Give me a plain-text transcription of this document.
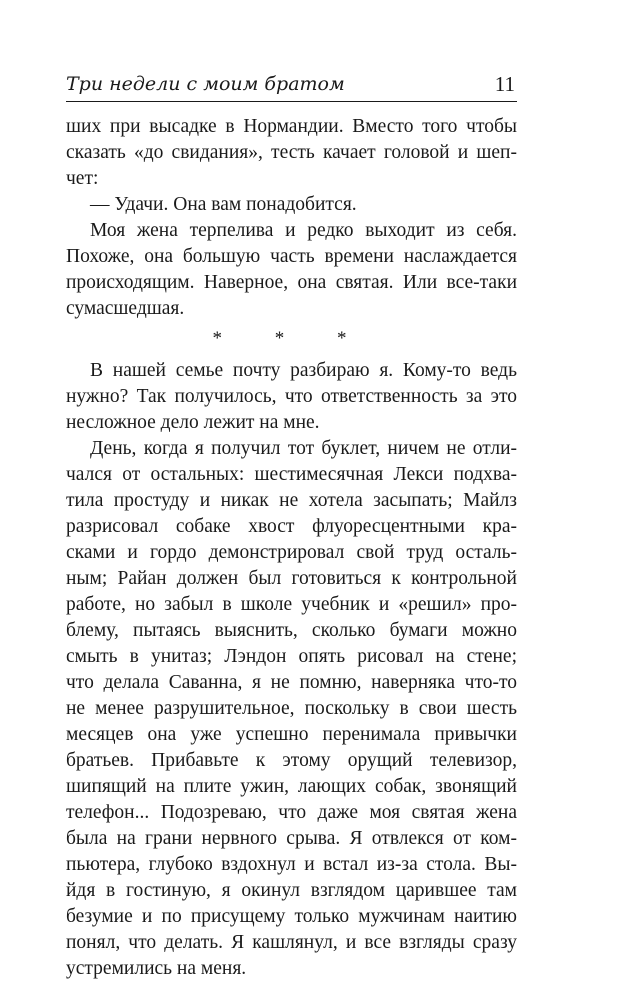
Три недели с моим братом	11
ших при высадке в Нормандии. Вместо того чтобы
сказать «до свидания», тесть качает головой и шеп-
чет:
— Удачи. Она вам понадобится.
Моя жена терпелива и редко выходит из себя.
Похоже, она большую часть времени наслаждается
происходящим. Наверное, она святая. Или все-таки
сумасшедшая.
* * *
В нашей семье почту разбираю я. Кому-то ведь
нужно? Так получилось, что ответственность за это
несложное дело лежит на мне.
День, когда я получил тот буклет, ничем не отли-
чался от остальных: шестимесячная Лекси подхва-
тила простуду и никак не хотела засыпать; Майлз
разрисовал собаке хвост флуоресцентными кра-
сками и гордо демонстрировал свой труд осталь-
ным; Райан должен был готовиться к контрольной
работе, но забыл в школе учебник и «решил» про-
блему, пытаясь выяснить, сколько бумаги можно
смыть в унитаз; Лэндон опять рисовал на стене;
что делала Саванна, я не помню, наверняка что-то
не менее разрушительное, поскольку в свои шесть
месяцев она уже успешно перенимала привычки
братьев. Прибавьте к этому орущий телевизор,
шипящий на плите ужин, лающих собак, звонящий
телефон... Подозреваю, что даже моя святая жена
была на грани нервного срыва. Я отвлекся от ком-
пьютера, глубоко вздохнул и встал из-за стола. Вы-
йдя в гостиную, я окинул взглядом царившее там
безумие и по присущему только мужчинам наитию
понял, что делать. Я кашлянул, и все взгляды сразу
устремились на меня.
